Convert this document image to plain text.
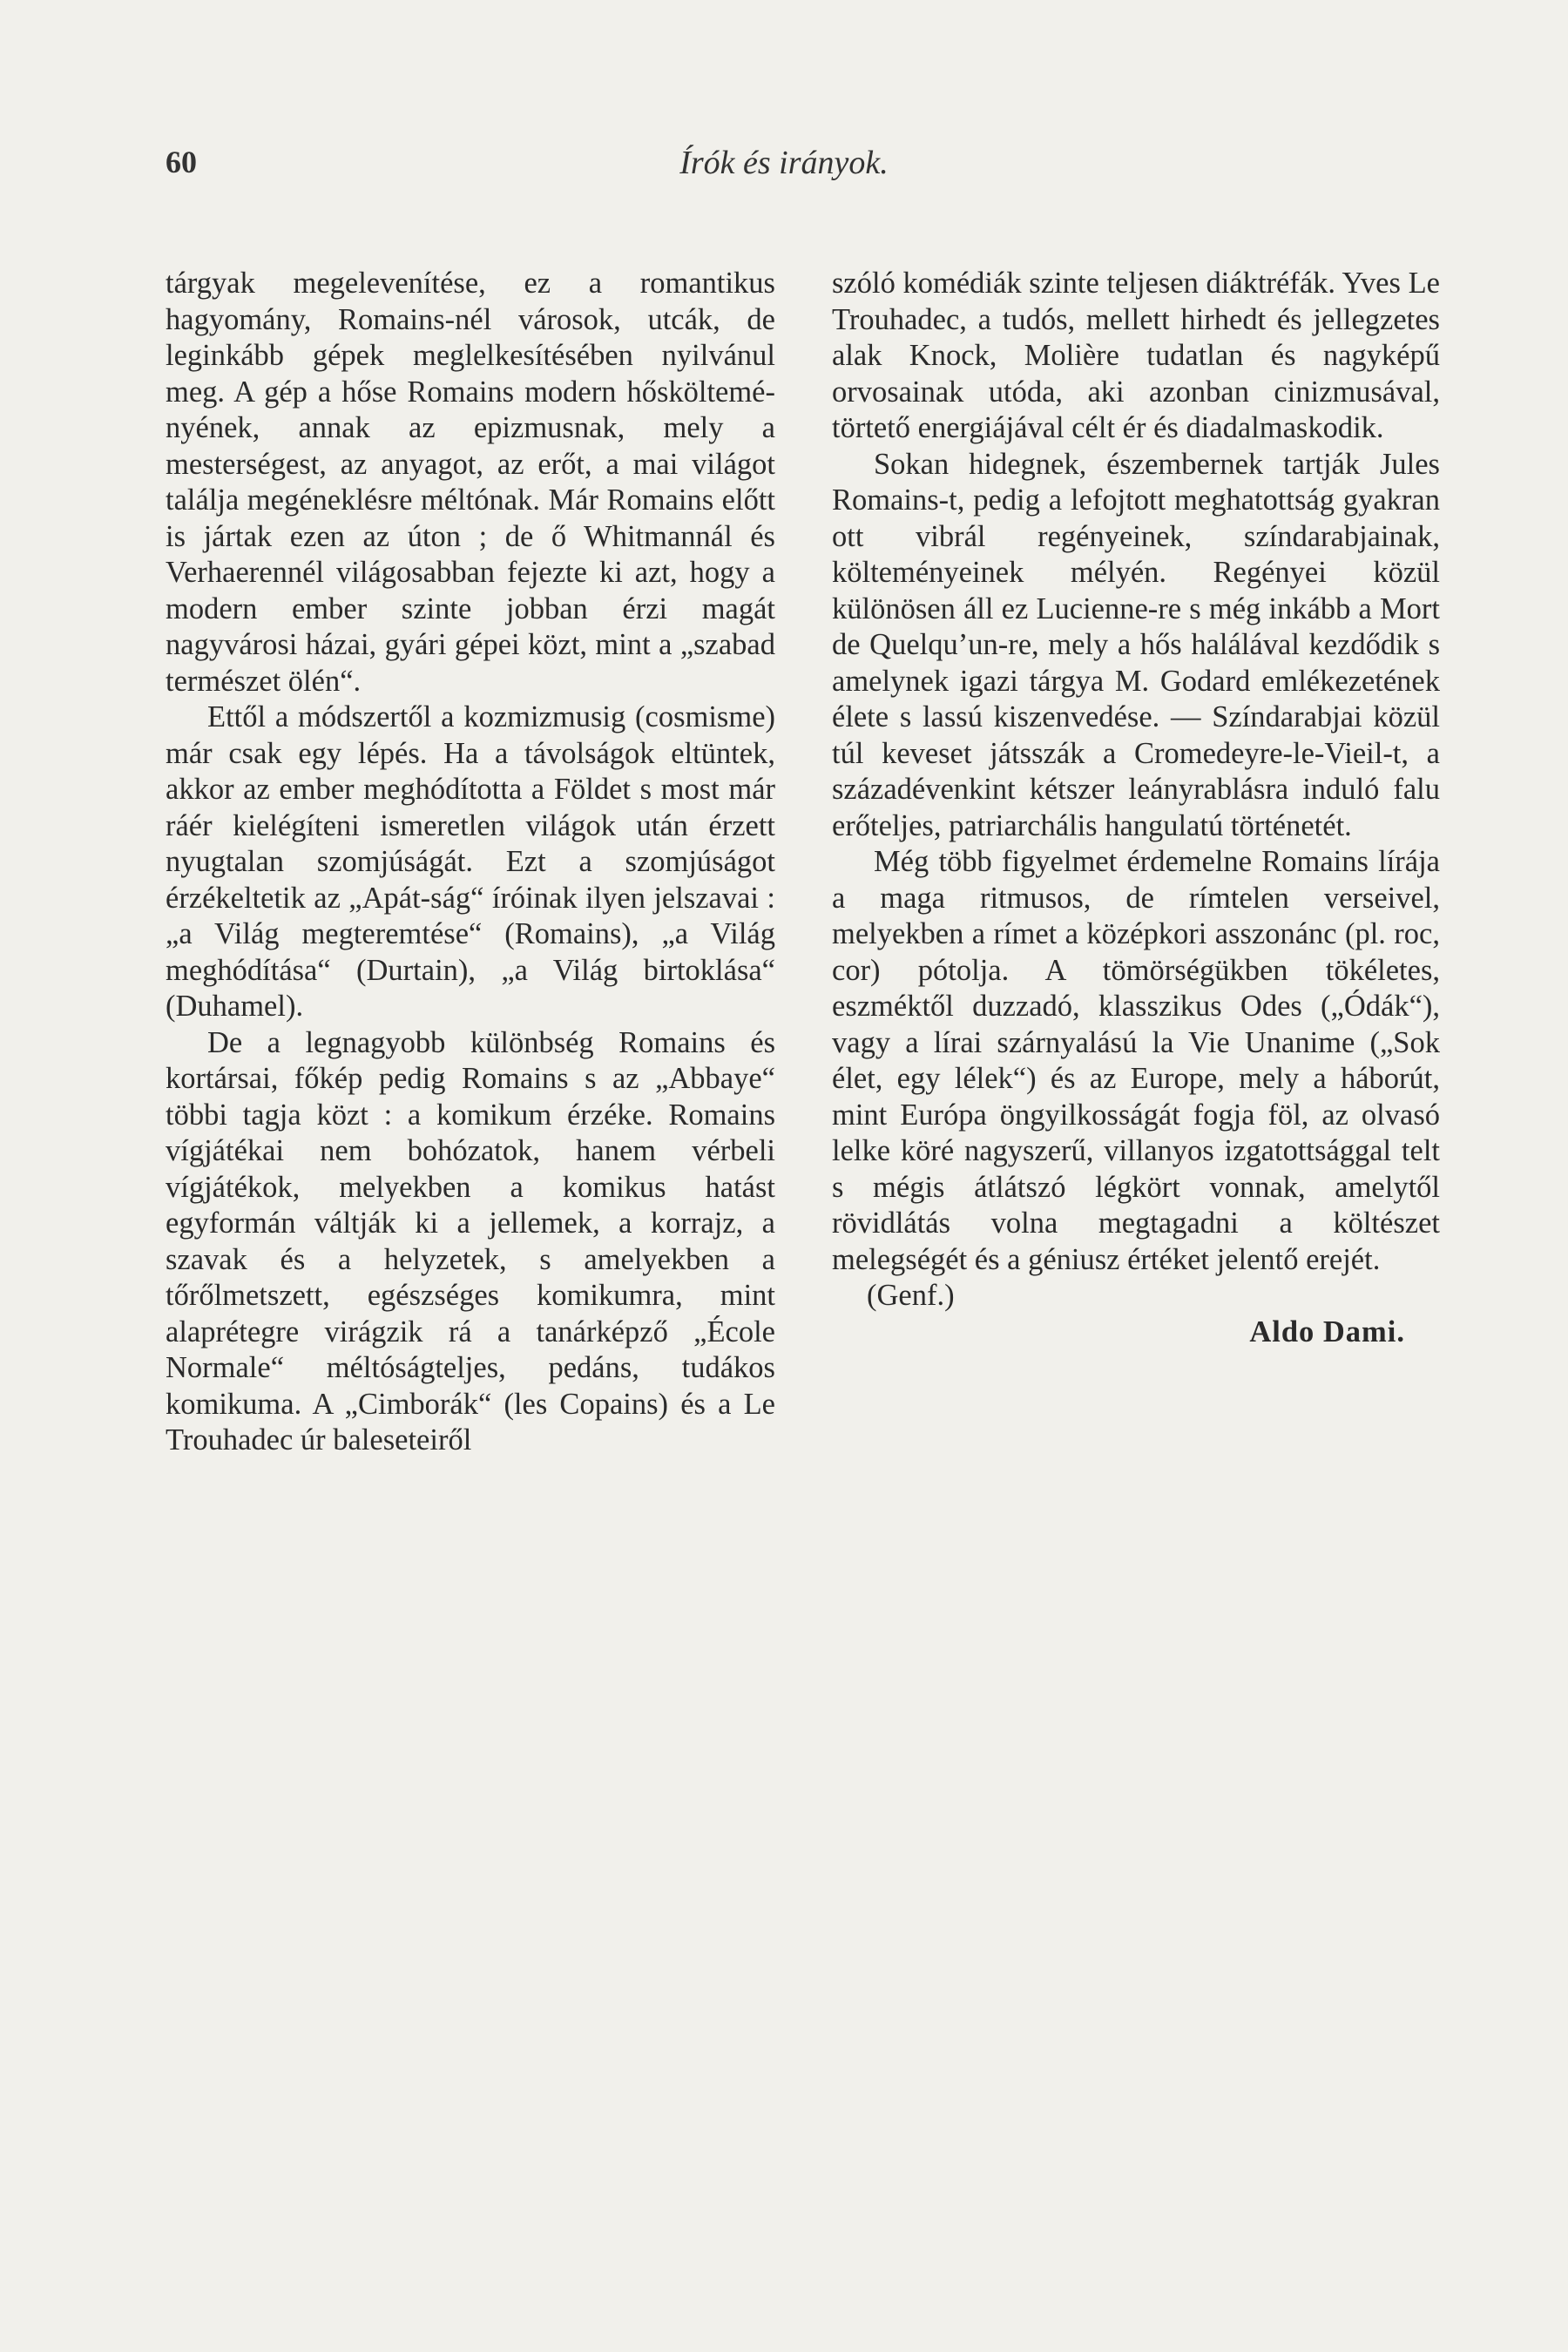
60	Írók és irányok.

tárgyak megelevenítése, ez a romantikus hagyomány, Romains-nél városok, utcák, de leginkább gépek meglelkesítésében nyilvánul meg. A gép a hőse Romains modern hősköltemé-nyének, annak az epizmusnak, mely a mesterségest, az anyagot, az erőt, a mai világot találja megéneklésre méltónak. Már Romains előtt is jártak ezen az úton ; de ő Whitmannál és Verhaerennél világosabban fejezte ki azt, hogy a modern ember szinte jobban érzi magát nagyvárosi házai, gyári gépei közt, mint a „szabad természet ölén“.

Ettől a módszertől a kozmizmusig (cosmisme) már csak egy lépés. Ha a távolságok eltüntek, akkor az ember meghódította a Földet s most már ráér kielégíteni ismeretlen világok után érzett nyugtalan szomjúságát. Ezt a szomjúságot érzékeltetik az „Apát-ság“ íróinak ilyen jelszavai : „a Világ megteremtése“ (Romains), „a Világ meghódítása“ (Durtain), „a Világ birtoklása“ (Duhamel).

De a legnagyobb különbség Romains és kortársai, főkép pedig Romains s az „Abbaye“ többi tagja közt : a komikum érzéke. Romains vígjátékai nem bohózatok, hanem vérbeli vígjátékok, melyekben a komikus hatást egyformán váltják ki a jellemek, a korrajz, a szavak és a helyzetek, s amelyekben a tőrőlmetszett, egészséges komikumra, mint alaprétegre virágzik rá a tanárképző „École Normale“ méltóságteljes, pedáns, tudákos komikuma. A „Cimborák“ (les Copains) és a Le Trouhadec úr baleseteiről

szóló komédiák szinte teljesen diáktréfák. Yves Le Trouhadec, a tudós, mellett hirhedt és jellegzetes alak Knock, Molière tudatlan és nagyképű orvosainak utóda, aki azonban cinizmusával, törtető energiájával célt ér és diadalmaskodik.

Sokan hidegnek, észembernek tartják Jules Romains-t, pedig a lefojtott meghatottság gyakran ott vibrál regényeinek, színdarabjainak, költeményeinek mélyén. Regényei közül különösen áll ez Lucienne-re s még inkább a Mort de Quelqu’un-re, mely a hős halálával kezdődik s amelynek igazi tárgya M. Godard emlékezetének élete s lassú kiszenvedése. — Színdarabjai közül túl keveset játsszák a Cromedeyre-le-Vieil-t, a századévenkint kétszer leányrablásra induló falu erőteljes, patriarchális hangulatú történetét.

Még több figyelmet érdemelne Romains lírája a maga ritmusos, de rímtelen verseivel, melyekben a rímet a középkori asszonánc (pl. roc, cor) pótolja. A tömörségükben tökéletes, eszméktől duzzadó, klasszikus Odes („Ódák“), vagy a lírai szárnyalású la Vie Unanime („Sok élet, egy lélek“) és az Europe, mely a háborút, mint Európa öngyilkosságát fogja föl, az olvasó lelke köré nagyszerű, villanyos izgatottsággal telt s mégis átlátszó légkört vonnak, amelytől rövidlátás volna megtagadni a költészet melegségét és a géniusz értéket jelentő erejét.

(Genf.)

Aldo Dami.
